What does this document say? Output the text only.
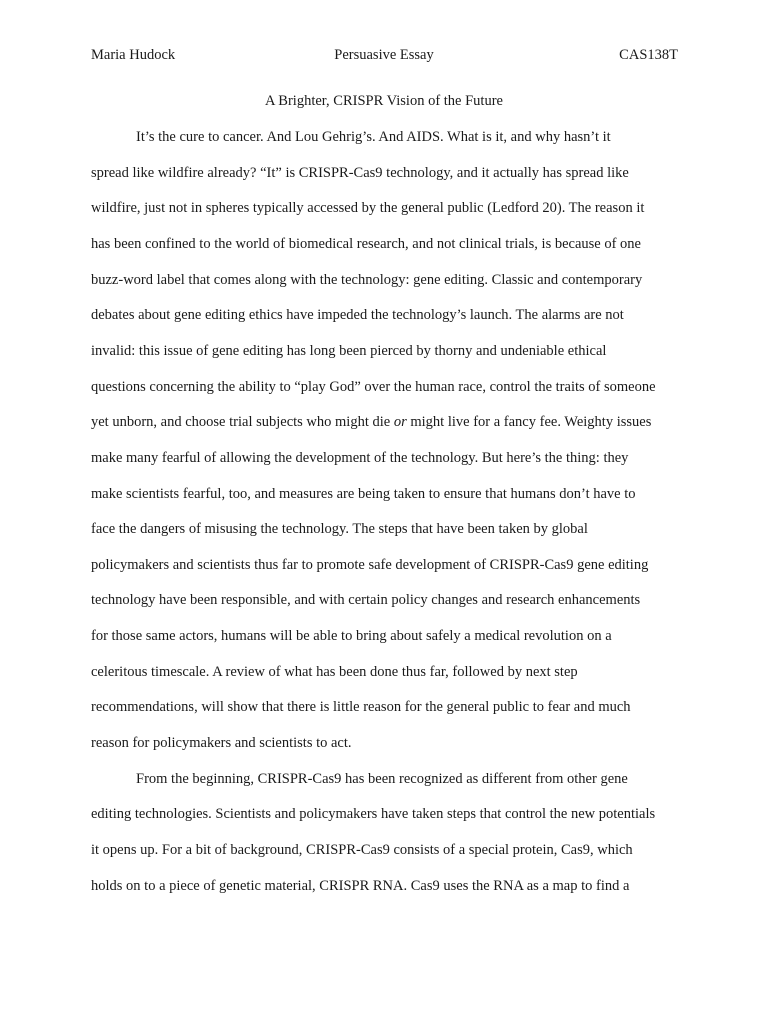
Maria Hudock	Persuasive Essay	CAS138T
A Brighter, CRISPR Vision of the Future
It’s the cure to cancer. And Lou Gehrig’s. And AIDS. What is it, and why hasn’t it
spread like wildfire already? “It” is CRISPR-Cas9 technology, and it actually has spread like
wildfire, just not in spheres typically accessed by the general public (Ledford 20). The reason it
has been confined to the world of biomedical research, and not clinical trials, is because of one
buzz-word label that comes along with the technology: gene editing. Classic and contemporary
debates about gene editing ethics have impeded the technology’s launch. The alarms are not
invalid: this issue of gene editing has long been pierced by thorny and undeniable ethical
questions concerning the ability to “play God” over the human race, control the traits of someone
yet unborn, and choose trial subjects who might die or might live for a fancy fee. Weighty issues
make many fearful of allowing the development of the technology. But here’s the thing: they
make scientists fearful, too, and measures are being taken to ensure that humans don’t have to
face the dangers of misusing the technology. The steps that have been taken by global
policymakers and scientists thus far to promote safe development of CRISPR-Cas9 gene editing
technology have been responsible, and with certain policy changes and research enhancements
for those same actors, humans will be able to bring about safely a medical revolution on a
celeritous timescale. A review of what has been done thus far, followed by next step
recommendations, will show that there is little reason for the general public to fear and much
reason for policymakers and scientists to act.
From the beginning, CRISPR-Cas9 has been recognized as different from other gene
editing technologies. Scientists and policymakers have taken steps that control the new potentials
it opens up. For a bit of background, CRISPR-Cas9 consists of a special protein, Cas9, which
holds on to a piece of genetic material, CRISPR RNA. Cas9 uses the RNA as a map to find a
